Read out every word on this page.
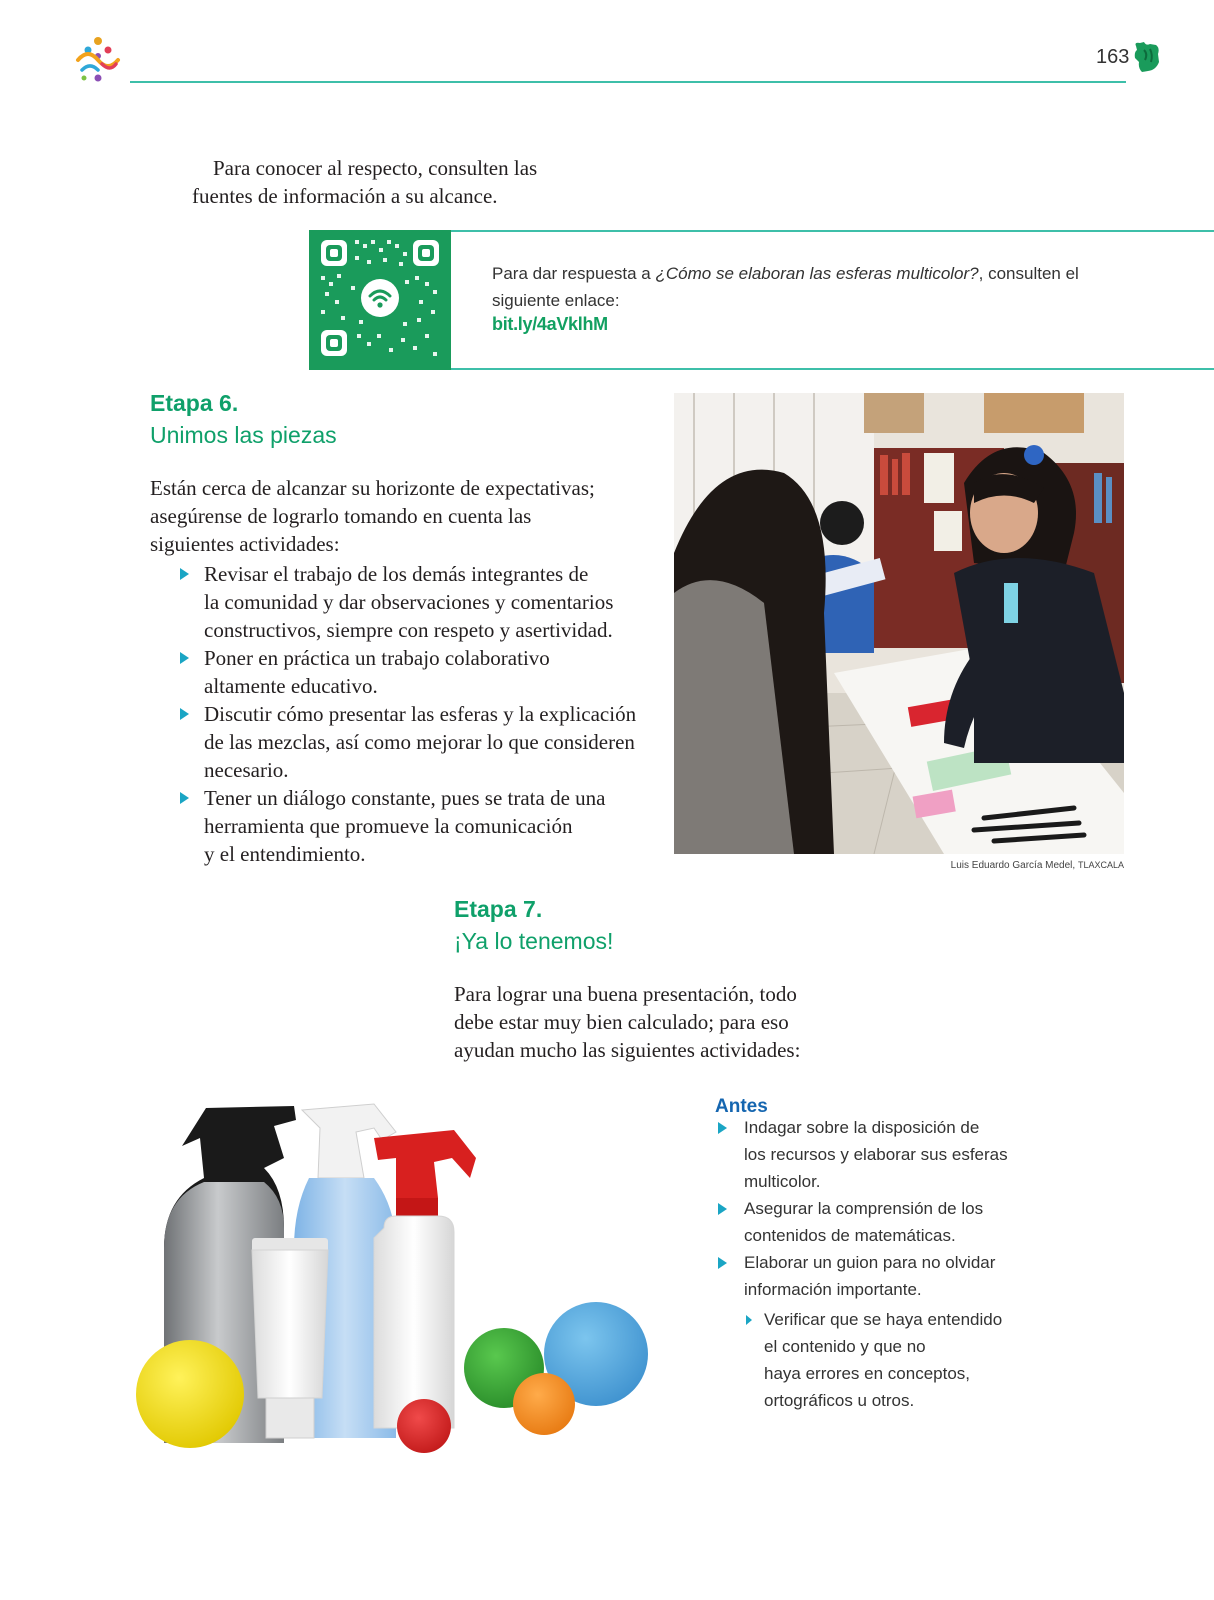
163
Para conocer al respecto, consulten las
fuentes de información a su alcance.
Para dar respuesta a ¿Cómo se elaboran las esferas multicolor?, consulten el siguiente enlace:
bit.ly/4aVklhM
Etapa 6.
Unimos las piezas
Están cerca de alcanzar su horizonte de expectativas;
asegúrense de lograrlo tomando en cuenta las
siguientes actividades:
Revisar el trabajo de los demás integrantes de
la comunidad y dar observaciones y comentarios
constructivos, siempre con respeto y asertividad.
Poner en práctica un trabajo colaborativo
altamente educativo.
Discutir cómo presentar las esferas y la explicación
de las mezclas, así como mejorar lo que consideren
necesario.
Tener un diálogo constante, pues se trata de una
herramienta que promueve la comunicación
y el entendimiento.	Luis Eduardo García Medel, TLAXCALA
Etapa 7.
¡Ya lo tenemos!
Para lograr una buena presentación, todo
debe estar muy bien calculado; para eso
ayudan mucho las siguientes actividades:
Antes
Indagar sobre la disposición de
los recursos y elaborar sus esferas
multicolor.
Asegurar la comprensión de los
contenidos de matemáticas.
Elaborar un guion para no olvidar
información importante.
Verificar que se haya entendido
el contenido y que no
haya errores en conceptos,
ortográficos u otros.
